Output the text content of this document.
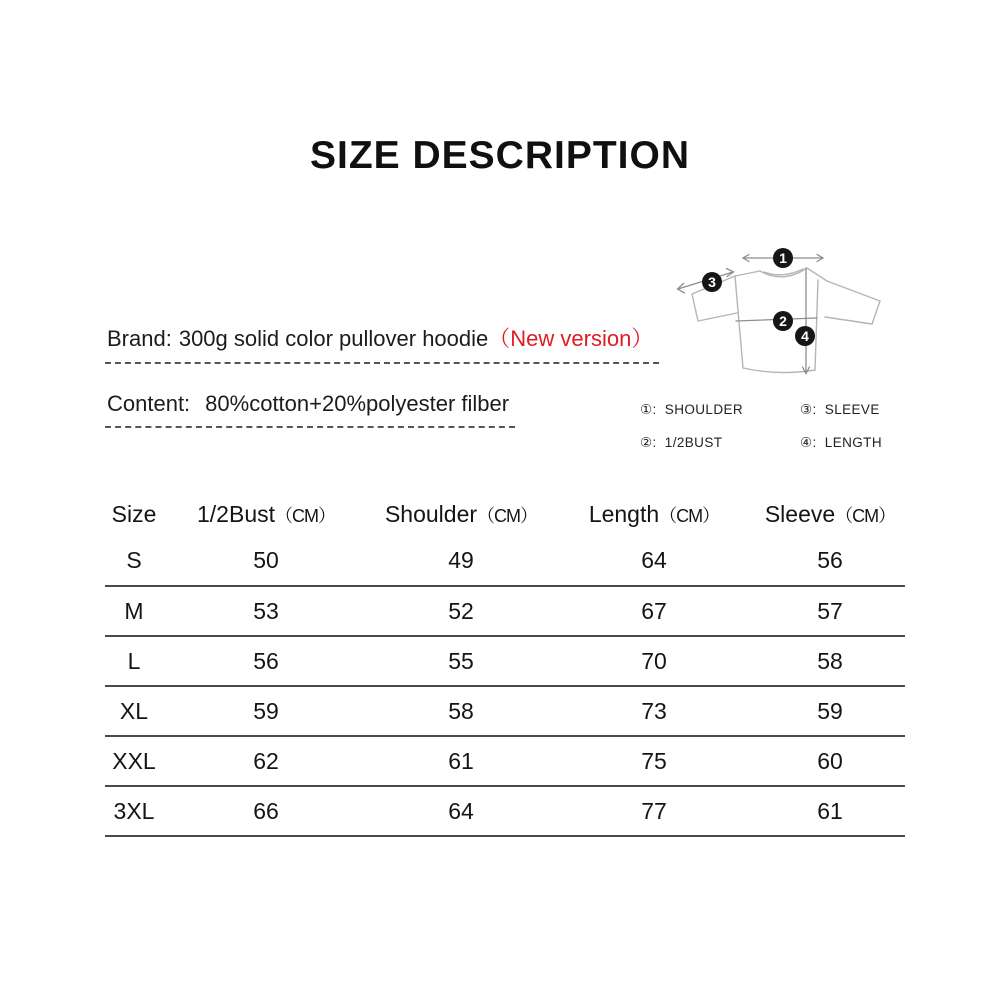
SIZE DESCRIPTION
Brand: 300g solid color pullover hoodie（New version）
Content: 80%cotton+20%polyester filber
1
3
2
4
①: SHOULDER	③: SLEEVE
②: 1/2BUST	④: LENGTH
Size	1/2Bust（CM）	Shoulder（CM）	Length（CM）	Sleeve（CM）
S	50	49	64	56
M	53	52	67	57
L	56	55	70	58
XL	59	58	73	59
XXL	62	61	75	60
3XL	66	64	77	61
